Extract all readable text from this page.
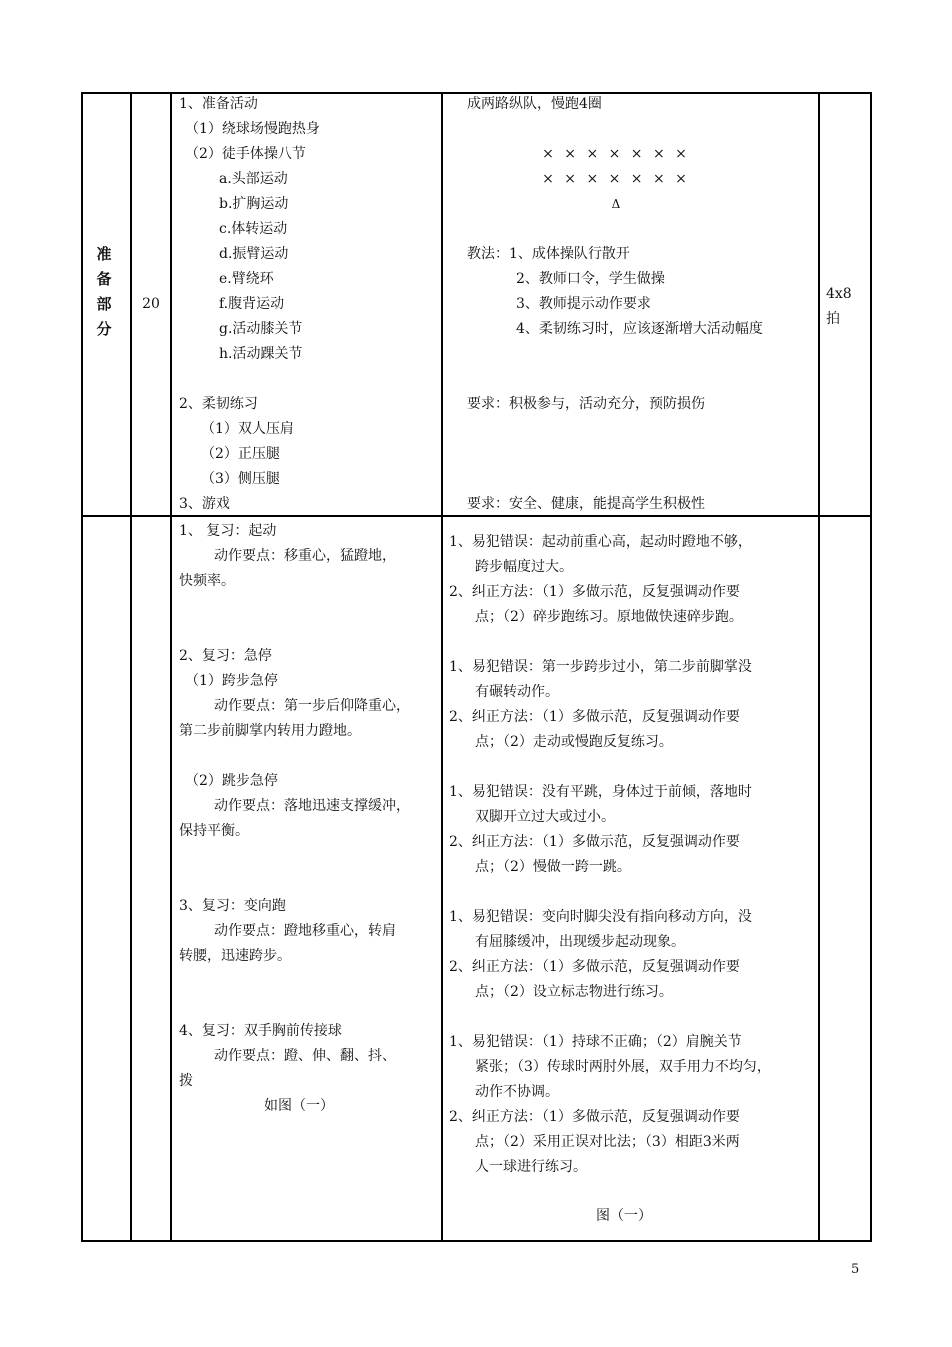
准
备
部
分
20
1、准备活动
（1）绕球场慢跑热身
（2）徒手体操八节
a.头部运动
b.扩胸运动
c.体转运动
d.振臂运动
e.臂绕环
f.腹背运动
g.活动膝关节
h.活动踝关节
2、柔韧练习
（1）双人压肩
（2）正压腿
（3）侧压腿
3、游戏
成两路纵队，慢跑4圈
× × × × × × ×
× × × × × × ×
Δ
教法：1、成体操队行散开
2、教师口令，学生做操
3、教师提示动作要求
4、柔韧练习时，应该逐渐增大活动幅度
要求：积极参与，活动充分，预防损伤
要求：安全、健康，能提高学生积极性
4x8
拍
1、 复习：起动
动作要点：移重心，猛蹬地，
快频率。
2、复习：急停
（1）跨步急停
动作要点：第一步后仰降重心，
第二步前脚掌内转用力蹬地。
（2）跳步急停
动作要点：落地迅速支撑缓冲，
保持平衡。
3、复习：变向跑
动作要点：蹬地移重心，转肩
转腰，迅速跨步。
4、复习：双手胸前传接球
动作要点：蹬、伸、翻、抖、
拨
如图（一）
1、易犯错误：起动前重心高，起动时蹬地不够，
跨步幅度过大。
2、纠正方法：（1）多做示范，反复强调动作要
点；（2）碎步跑练习。原地做快速碎步跑。
1、易犯错误：第一步跨步过小，第二步前脚掌没
有碾转动作。
2、纠正方法：（1）多做示范，反复强调动作要
点；（2）走动或慢跑反复练习。
1、易犯错误：没有平跳，身体过于前倾，落地时
双脚开立过大或过小。
2、纠正方法：（1）多做示范，反复强调动作要
点；（2）慢做一跨一跳。
1、易犯错误：变向时脚尖没有指向移动方向，没
有屈膝缓冲，出现缓步起动现象。
2、纠正方法：（1）多做示范，反复强调动作要
点；（2）设立标志物进行练习。
1、易犯错误：（1）持球不正确；（2）肩腕关节
紧张；（3）传球时两肘外展，双手用力不均匀，
动作不协调。
2、纠正方法：（1）多做示范，反复强调动作要
点；（2）采用正误对比法；（3）相距3米两
人一球进行练习。
图（一）
5
